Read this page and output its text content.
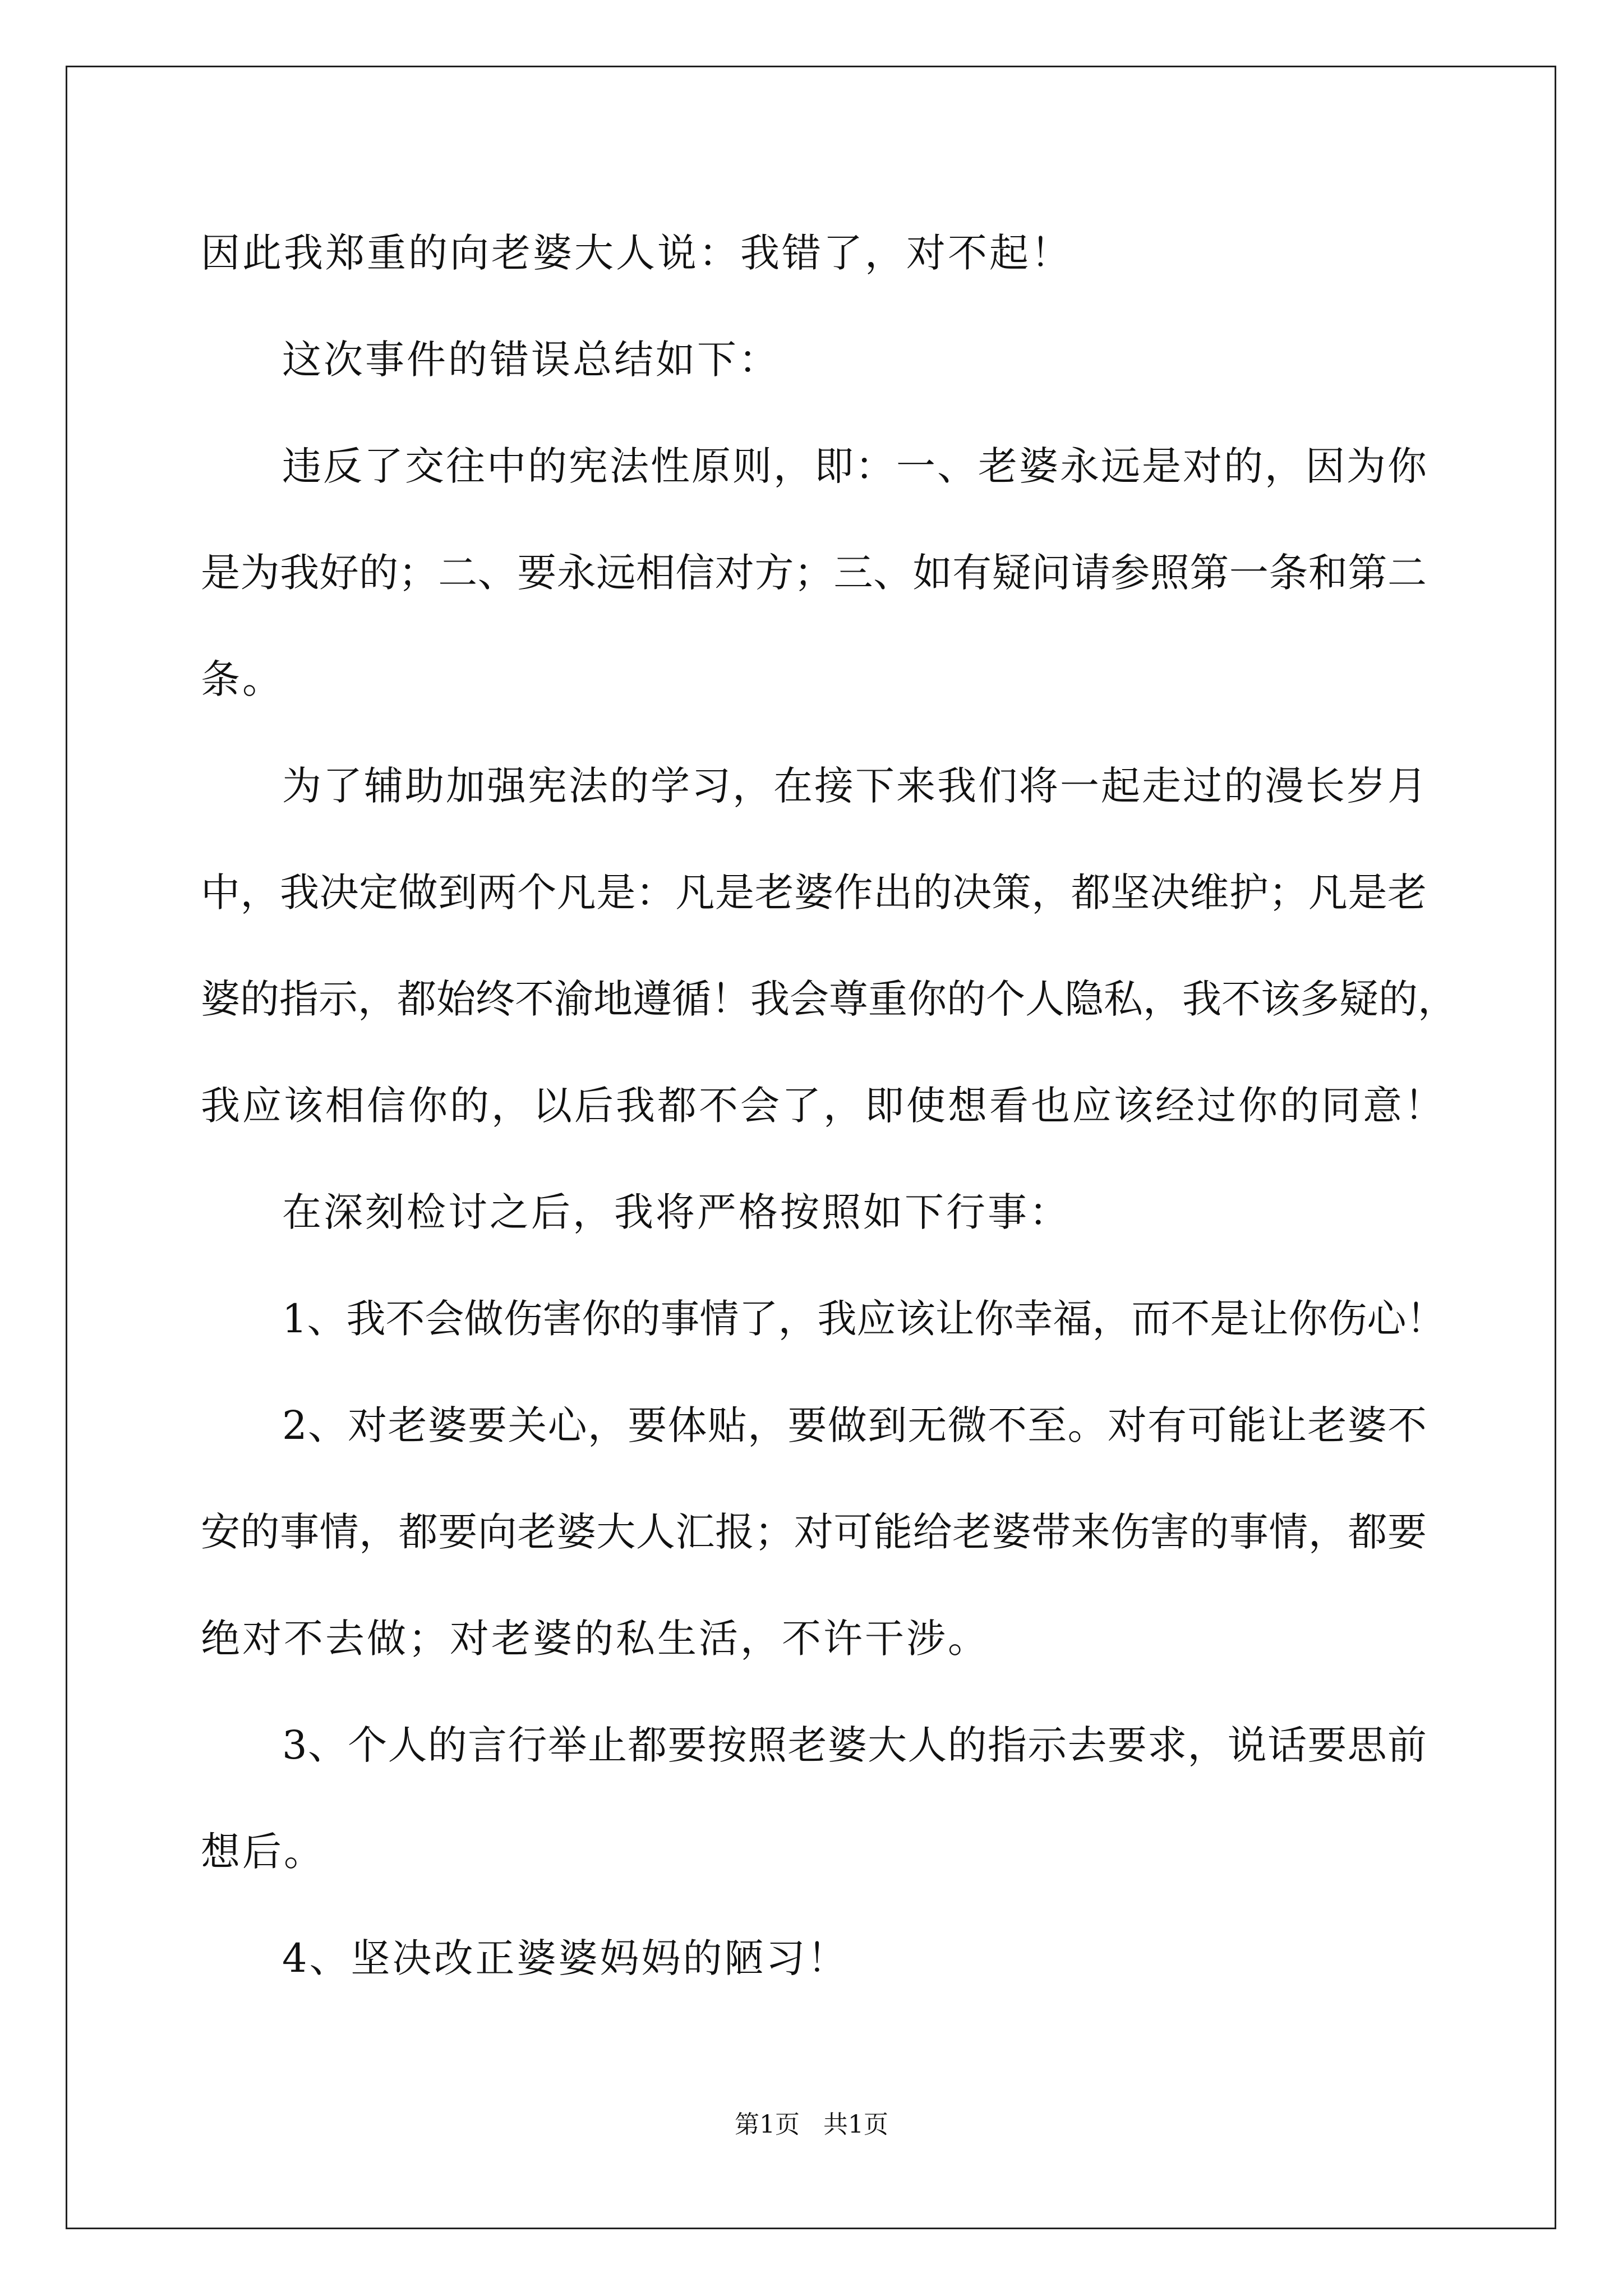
因此我郑重的向老婆大人说：我错了，对不起！
这次事件的错误总结如下：
违反了交往中的宪法性原则，即：一、老婆永远是对的，因为你
是为我好的；二、要永远相信对方；三、如有疑问请参照第一条和第二
条。
为了辅助加强宪法的学习，在接下来我们将一起走过的漫长岁月
中，我决定做到两个凡是：凡是老婆作出的决策，都坚决维护；凡是老
婆的指示，都始终不渝地遵循！我会尊重你的个人隐私，我不该多疑的，
我应该相信你的，以后我都不会了，即使想看也应该经过你的同意！
在深刻检讨之后，我将严格按照如下行事：
1、我不会做伤害你的事情了，我应该让你幸福，而不是让你伤心！
2、对老婆要关心，要体贴，要做到无微不至。对有可能让老婆不
安的事情，都要向老婆大人汇报；对可能给老婆带来伤害的事情，都要
绝对不去做；对老婆的私生活，不许干涉。
3、个人的言行举止都要按照老婆大人的指示去要求，说话要思前
想后。
4、坚决改正婆婆妈妈的陋习！
第1页   共1页
